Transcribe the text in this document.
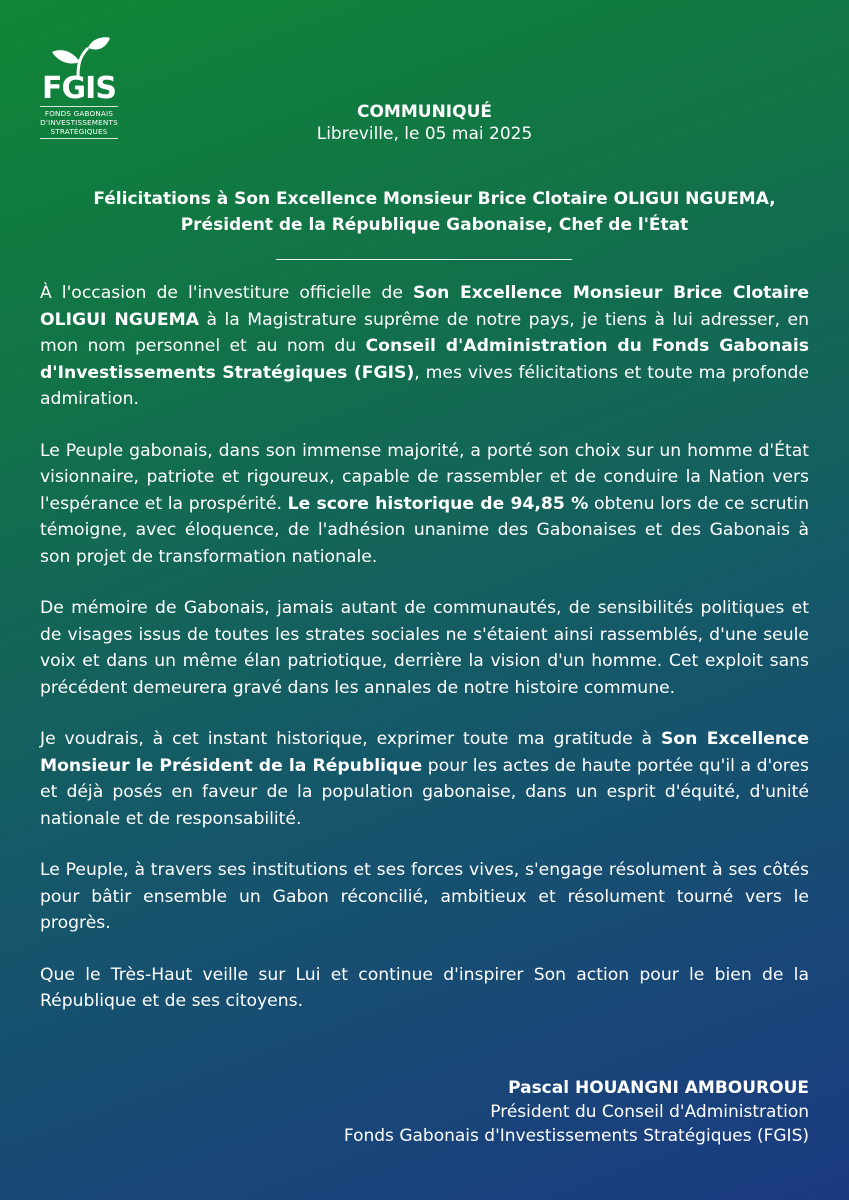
FGIS
FONDS GABONAIS
D'INVESTISSEMENTS
STRATÉGIQUES
COMMUNIQUÉ
Libreville, le 05 mai 2025
Félicitations à Son Excellence Monsieur Brice Clotaire OLIGUI NGUEMA,
Président de la République Gabonaise, Chef de l'État

À l'occasion de l'investiture officielle de Son Excellence Monsieur Brice Clotaire OLIGUI NGUEMA à la Magistrature suprême de notre pays, je tiens à lui adresser, en mon nom personnel et au nom du Conseil d'Administration du Fonds Gabonais d'Investissements Stratégiques (FGIS), mes vives félicitations et toute ma profonde admiration.

Le Peuple gabonais, dans son immense majorité, a porté son choix sur un homme d'État visionnaire, patriote et rigoureux, capable de rassembler et de conduire la Nation vers l'espérance et la prospérité. Le score historique de 94,85 % obtenu lors de ce scrutin témoigne, avec éloquence, de l'adhésion unanime des Gabonaises et des Gabonais à son projet de transformation nationale.

De mémoire de Gabonais, jamais autant de communautés, de sensibilités politiques et de visages issus de toutes les strates sociales ne s'étaient ainsi rassemblés, d'une seule voix et dans un même élan patriotique, derrière la vision d'un homme. Cet exploit sans précédent demeurera gravé dans les annales de notre histoire commune.

Je voudrais, à cet instant historique, exprimer toute ma gratitude à Son Excellence Monsieur le Président de la République pour les actes de haute portée qu'il a d'ores et déjà posés en faveur de la population gabonaise, dans un esprit d'équité, d'unité nationale et de responsabilité.

Le Peuple, à travers ses institutions et ses forces vives, s'engage résolument à ses côtés pour bâtir ensemble un Gabon réconcilié, ambitieux et résolument tourné vers le progrès.

Que le Très-Haut veille sur Lui et continue d'inspirer Son action pour le bien de la République et de ses citoyens.

Pascal HOUANGNI AMBOUROUE
Président du Conseil d'Administration
Fonds Gabonais d'Investissements Stratégiques (FGIS)
